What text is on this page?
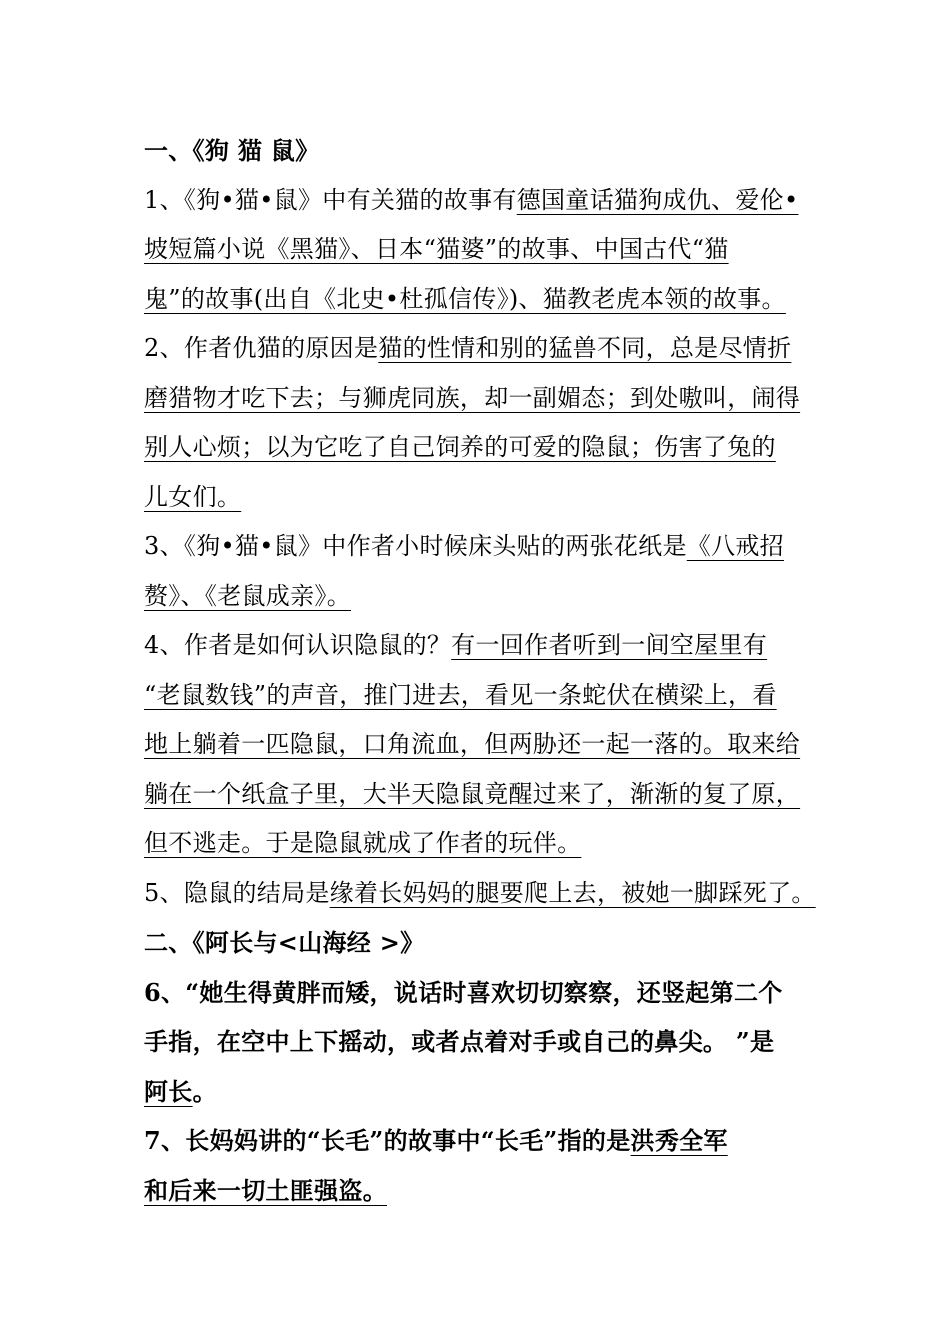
一、《狗 猫 鼠》
1、《狗•猫•鼠》中有关猫的故事有德国童话猫狗成仇、爱伦•
坡短篇小说《黑猫》、日本“猫婆”的故事、中国古代“猫
鬼”的故事(出自《北史•杜孤信传》)、猫教老虎本领的故事。
2、作者仇猫的原因是猫的性情和别的猛兽不同，总是尽情折
磨猎物才吃下去；与狮虎同族，却一副媚态；到处嗷叫，闹得
别人心烦；以为它吃了自己饲养的可爱的隐鼠；伤害了兔的
儿女们。
3、《狗•猫•鼠》中作者小时候床头贴的两张花纸是《八戒招
赘》、《老鼠成亲》。
4、作者是如何认识隐鼠的？有一回作者听到一间空屋里有
“老鼠数钱”的声音，推门进去，看见一条蛇伏在横梁上，看
地上躺着一匹隐鼠，口角流血，但两胁还一起一落的。取来给
躺在一个纸盒子里，大半天隐鼠竟醒过来了，渐渐的复了原，
但不逃走。于是隐鼠就成了作者的玩伴。
5、隐鼠的结局是缘着长妈妈的腿要爬上去，被她一脚踩死了。
二、《阿长与<山海经 >》
6、“她生得黄胖而矮，说话时喜欢切切察察，还竖起第二个
手指，在空中上下摇动，或者点着对手或自己的鼻尖。 ”是
阿长。
7、长妈妈讲的“长毛”的故事中“长毛”指的是洪秀全军
和后来一切土匪强盗。
